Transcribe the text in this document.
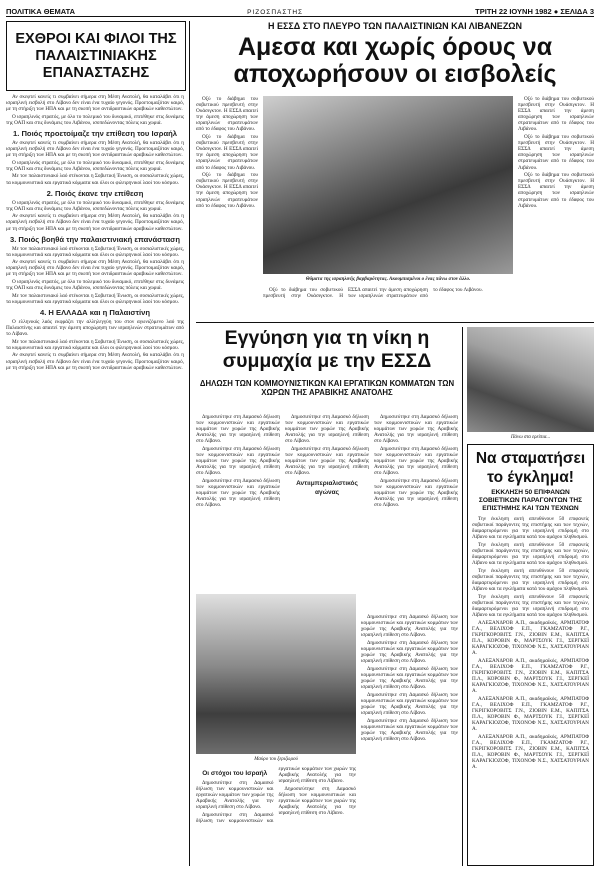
ΠΟΛΙΤΙΚΑ ΘΕΜΑΤΑ	ΡΙΖΟΣΠΑΣΤΗΣ	ΤΡΙΤΗ 22 ΙΟΥΝΗ 1982 ● ΣΕΛΙΔΑ 3
ΕΧΘΡΟΙ ΚΑΙ ΦΙΛΟΙ ΤΗΣ ΠΑΛΑΙΣΤΙΝΙΑΚΗΣ ΕΠΑΝΑΣΤΑΣΗΣ

Αν σκεφτεί κανείς τι συμβαίνει σήμερα στη Μέση Ανατολή, θα καταλάβει ότι η ισραηλινή εισβολή στο Λίβανο δεν είναι ένα τυχαίο γεγονός. Προετοιμαζόταν καιρό, με τη στήριξη των ΗΠΑ και με τη σιωπή των αντιδραστικών αραβικών καθεστώτων.

Ο ισραηλινός στρατός, με όλο το πολεμικό του δυναμικό, επιτέθηκε στις δυνάμεις της ΟΑΠ και στις δυνάμεις του Λιβάνου, ισοπεδώνοντας πόλεις και χωριά.

1. Ποιός προετοίμαζε την επίθεση του Ισραήλ

Αν σκεφτεί κανείς τι συμβαίνει σήμερα στη Μέση Ανατολή, θα καταλάβει ότι η ισραηλινή εισβολή στο Λίβανο δεν είναι ένα τυχαίο γεγονός. Προετοιμαζόταν καιρό, με τη στήριξη των ΗΠΑ και με τη σιωπή των αντιδραστικών αραβικών καθεστώτων.

Ο ισραηλινός στρατός, με όλο το πολεμικό του δυναμικό, επιτέθηκε στις δυνάμεις της ΟΑΠ και στις δυνάμεις του Λιβάνου, ισοπεδώνοντας πόλεις και χωριά.

Με τον παλαιστινιακό λαό στέκονται η Σοβιετική Ένωση, οι σοσιαλιστικές χώρες, τα κομμουνιστικά και εργατικά κόμματα και όλοι οι φιλειρηνικοί λαοί του κόσμου.

2. Ποιός έκανε την επίθεση

Ο ισραηλινός στρατός, με όλο το πολεμικό του δυναμικό, επιτέθηκε στις δυνάμεις της ΟΑΠ και στις δυνάμεις του Λιβάνου, ισοπεδώνοντας πόλεις και χωριά.

Αν σκεφτεί κανείς τι συμβαίνει σήμερα στη Μέση Ανατολή, θα καταλάβει ότι η ισραηλινή εισβολή στο Λίβανο δεν είναι ένα τυχαίο γεγονός. Προετοιμαζόταν καιρό, με τη στήριξη των ΗΠΑ και με τη σιωπή των αντιδραστικών αραβικών καθεστώτων.

3. Ποιός βοηθά την παλαιστινιακή επανάσταση

Με τον παλαιστινιακό λαό στέκονται η Σοβιετική Ένωση, οι σοσιαλιστικές χώρες, τα κομμουνιστικά και εργατικά κόμματα και όλοι οι φιλειρηνικοί λαοί του κόσμου.

Αν σκεφτεί κανείς τι συμβαίνει σήμερα στη Μέση Ανατολή, θα καταλάβει ότι η ισραηλινή εισβολή στο Λίβανο δεν είναι ένα τυχαίο γεγονός. Προετοιμαζόταν καιρό, με τη στήριξη των ΗΠΑ και με τη σιωπή των αντιδραστικών αραβικών καθεστώτων.

Ο ισραηλινός στρατός, με όλο το πολεμικό του δυναμικό, επιτέθηκε στις δυνάμεις της ΟΑΠ και στις δυνάμεις του Λιβάνου, ισοπεδώνοντας πόλεις και χωριά.

Με τον παλαιστινιακό λαό στέκονται η Σοβιετική Ένωση, οι σοσιαλιστικές χώρες, τα κομμουνιστικά και εργατικά κόμματα και όλοι οι φιλειρηνικοί λαοί του κόσμου.

4. Η ΕΛΛΑΔΑ και η Παλαιστίνη

Ο ελληνικός λαός εκφράζει την αλληλεγγύη του στον αγωνιζόμενο λαό της Παλαιστίνης και απαιτεί την άμεση αποχώρηση των ισραηλινών στρατευμάτων από το Λίβανο.

Με τον παλαιστινιακό λαό στέκονται η Σοβιετική Ένωση, οι σοσιαλιστικές χώρες, τα κομμουνιστικά και εργατικά κόμματα και όλοι οι φιλειρηνικοί λαοί του κόσμου.

Αν σκεφτεί κανείς τι συμβαίνει σήμερα στη Μέση Ανατολή, θα καταλάβει ότι η ισραηλινή εισβολή στο Λίβανο δεν είναι ένα τυχαίο γεγονός. Προετοιμαζόταν καιρό, με τη στήριξη των ΗΠΑ και με τη σιωπή των αντιδραστικών αραβικών καθεστώτων.

Η ΕΣΣΔ ΣΤΟ ΠΛΕΥΡΟ ΤΩΝ ΠΑΛΑΙΣΤΙΝΙΩΝ ΚΑΙ ΛΙΒΑΝΕΖΩΝ
Αμεσα και χωρίς όρους να αποχωρήσουν οι εισβολείς

Οξύ το διάβημα του σοβιετικού πρεσβευτή στην Ουάσιγκτον. Η ΕΣΣΔ απαιτεί την άμεση αποχώρηση των ισραηλινών στρατευμάτων από το έδαφος του Λιβάνου.

Οξύ το διάβημα του σοβιετικού πρεσβευτή στην Ουάσιγκτον. Η ΕΣΣΔ απαιτεί την άμεση αποχώρηση των ισραηλινών στρατευμάτων από το έδαφος του Λιβάνου.

Οξύ το διάβημα του σοβιετικού πρεσβευτή στην Ουάσιγκτον. Η ΕΣΣΔ απαιτεί την άμεση αποχώρηση των ισραηλινών στρατευμάτων από το έδαφος του Λιβάνου.

Θύματα της ισραηλινής βαρβαρότητας. Ακουμπισμένοι ο ένας πάνω στον άλλο.

Οξύ το διάβημα του σοβιετικού πρεσβευτή στην Ουάσιγκτον. Η ΕΣΣΔ απαιτεί την άμεση αποχώρηση των ισραηλινών στρατευμάτων από το έδαφος του Λιβάνου.

Οξύ το διάβημα του σοβιετικού πρεσβευτή στην Ουάσιγκτον. Η ΕΣΣΔ απαιτεί την άμεση αποχώρηση των ισραηλινών στρατευμάτων από το έδαφος του Λιβάνου.

Οξύ το διάβημα του σοβιετικού πρεσβευτή στην Ουάσιγκτον. Η ΕΣΣΔ απαιτεί την άμεση αποχώρηση των ισραηλινών στρατευμάτων από το έδαφος του Λιβάνου.

Οξύ το διάβημα του σοβιετικού πρεσβευτή στην Ουάσιγκτον. Η ΕΣΣΔ απαιτεί την άμεση αποχώρηση των ισραηλινών στρατευμάτων από το έδαφος του Λιβάνου.

Εγγύηση για τη νίκη η συμμαχία με την ΕΣΣΔ
ΔΗΛΩΣΗ ΤΩΝ ΚΟΜΜΟΥΝΙΣΤΙΚΩΝ ΚΑΙ ΕΡΓΑΤΙΚΩΝ ΚΟΜΜΑΤΩΝ ΤΩΝ ΧΩΡΩΝ ΤΗΣ ΑΡΑΒΙΚΗΣ ΑΝΑΤΟΛΗΣ

Δημοσιεύτηκε στη Δαμασκό δήλωση των κομμουνιστικών και εργατικών κομμάτων των χωρών της Αραβικής Ανατολής για την ισραηλινή επίθεση στο Λίβανο.

Δημοσιεύτηκε στη Δαμασκό δήλωση των κομμουνιστικών και εργατικών κομμάτων των χωρών της Αραβικής Ανατολής για την ισραηλινή επίθεση στο Λίβανο.

Δημοσιεύτηκε στη Δαμασκό δήλωση των κομμουνιστικών και εργατικών κομμάτων των χωρών της Αραβικής Ανατολής για την ισραηλινή επίθεση στο Λίβανο.

Δημοσιεύτηκε στη Δαμασκό δήλωση των κομμουνιστικών και εργατικών κομμάτων των χωρών της Αραβικής Ανατολής για την ισραηλινή επίθεση στο Λίβανο.

Δημοσιεύτηκε στη Δαμασκό δήλωση των κομμουνιστικών και εργατικών κομμάτων των χωρών της Αραβικής Ανατολής για την ισραηλινή επίθεση στο Λίβανο.

Αντιιμπεριαλιστικός αγώνας

Δημοσιεύτηκε στη Δαμασκό δήλωση των κομμουνιστικών και εργατικών κομμάτων των χωρών της Αραβικής Ανατολής για την ισραηλινή επίθεση στο Λίβανο.

Δημοσιεύτηκε στη Δαμασκό δήλωση των κομμουνιστικών και εργατικών κομμάτων των χωρών της Αραβικής Ανατολής για την ισραηλινή επίθεση στο Λίβανο.

Δημοσιεύτηκε στη Δαμασκό δήλωση των κομμουνιστικών και εργατικών κομμάτων των χωρών της Αραβικής Ανατολής για την ισραηλινή επίθεση στο Λίβανο.

Μαύρο του ξεριζωμού

Δημοσιεύτηκε στη Δαμασκό δήλωση των κομμουνιστικών και εργατικών κομμάτων των χωρών της Αραβικής Ανατολής για την ισραηλινή επίθεση στο Λίβανο.

Δημοσιεύτηκε στη Δαμασκό δήλωση των κομμουνιστικών και εργατικών κομμάτων των χωρών της Αραβικής Ανατολής για την ισραηλινή επίθεση στο Λίβανο.

Δημοσιεύτηκε στη Δαμασκό δήλωση των κομμουνιστικών και εργατικών κομμάτων των χωρών της Αραβικής Ανατολής για την ισραηλινή επίθεση στο Λίβανο.

Δημοσιεύτηκε στη Δαμασκό δήλωση των κομμουνιστικών και εργατικών κομμάτων των χωρών της Αραβικής Ανατολής για την ισραηλινή επίθεση στο Λίβανο.

Δημοσιεύτηκε στη Δαμασκό δήλωση των κομμουνιστικών και εργατικών κομμάτων των χωρών της Αραβικής Ανατολής για την ισραηλινή επίθεση στο Λίβανο.

Οι στόχοι του Ισραήλ

Δημοσιεύτηκε στη Δαμασκό δήλωση των κομμουνιστικών και εργατικών κομμάτων των χωρών της Αραβικής Ανατολής για την ισραηλινή επίθεση στο Λίβανο.

Δημοσιεύτηκε στη Δαμασκό δήλωση των κομμουνιστικών και εργατικών κομμάτων των χωρών της Αραβικής Ανατολής για την ισραηλινή επίθεση στο Λίβανο.

Δημοσιεύτηκε στη Δαμασκό δήλωση των κομμουνιστικών και εργατικών κομμάτων των χωρών της Αραβικής Ανατολής για την ισραηλινή επίθεση στο Λίβανο.

Πάνω στα ερείπια...
Να σταματήσει το έγκλημα!
ΕΚΚΛΗΣΗ 50 ΕΠΙΦΑΝΩΝ ΣΟΒΙΕΤΙΚΩΝ ΠΑΡΑΓΟΝΤΩΝ ΤΗΣ ΕΠΙΣΤΗΜΗΣ ΚΑΙ ΤΩΝ ΤΕΧΝΩΝ

Την έκκληση αυτή απευθύνουν 50 επιφανείς σοβιετικοί παράγοντες της επιστήμης και των τεχνών, διαμαρτυρόμενοι για την ισραηλινή επιδρομή στο Λίβανο και τα εγκλήματα κατά του αμάχου πληθυσμού.

Την έκκληση αυτή απευθύνουν 50 επιφανείς σοβιετικοί παράγοντες της επιστήμης και των τεχνών, διαμαρτυρόμενοι για την ισραηλινή επιδρομή στο Λίβανο και τα εγκλήματα κατά του αμάχου πληθυσμού.

Την έκκληση αυτή απευθύνουν 50 επιφανείς σοβιετικοί παράγοντες της επιστήμης και των τεχνών, διαμαρτυρόμενοι για την ισραηλινή επιδρομή στο Λίβανο και τα εγκλήματα κατά του αμάχου πληθυσμού.

Την έκκληση αυτή απευθύνουν 50 επιφανείς σοβιετικοί παράγοντες της επιστήμης και των τεχνών, διαμαρτυρόμενοι για την ισραηλινή επιδρομή στο Λίβανο και τα εγκλήματα κατά του αμάχου πληθυσμού.

ΑΛΕΞΑΝΔΡΟΒ Α.Π., ακαδημαϊκός, ΑΡΜΠΑΤΟΦ Γ.Α., ΒΕΛΙΧΟΦ Ε.Π., ΓΚΑΜΖΑΤΟΦ Ρ.Γ., ΓΚΡΙΓΚΟΡΟΒΙΤΣ Γ.Ν., ΖΙΟΒΙΝ Ε.Μ., ΚΑΠΙΤΣΑ Π.Λ., ΚΟΡΟΒΙΝ Φ., ΜΑΡΤΣΟΥΚ Γ.Ι., ΣΕΡΓΚΕΪ ΚΑΡΑΓΚΙΟΖΟΦ, ΤΙΧΟΝΟΦ Ν.Σ., ΧΑΤΣΑΤΟΥΡΙΑΝ Α.

ΑΛΕΞΑΝΔΡΟΒ Α.Π., ακαδημαϊκός, ΑΡΜΠΑΤΟΦ Γ.Α., ΒΕΛΙΧΟΦ Ε.Π., ΓΚΑΜΖΑΤΟΦ Ρ.Γ., ΓΚΡΙΓΚΟΡΟΒΙΤΣ Γ.Ν., ΖΙΟΒΙΝ Ε.Μ., ΚΑΠΙΤΣΑ Π.Λ., ΚΟΡΟΒΙΝ Φ., ΜΑΡΤΣΟΥΚ Γ.Ι., ΣΕΡΓΚΕΪ ΚΑΡΑΓΚΙΟΖΟΦ, ΤΙΧΟΝΟΦ Ν.Σ., ΧΑΤΣΑΤΟΥΡΙΑΝ Α.

ΑΛΕΞΑΝΔΡΟΒ Α.Π., ακαδημαϊκός, ΑΡΜΠΑΤΟΦ Γ.Α., ΒΕΛΙΧΟΦ Ε.Π., ΓΚΑΜΖΑΤΟΦ Ρ.Γ., ΓΚΡΙΓΚΟΡΟΒΙΤΣ Γ.Ν., ΖΙΟΒΙΝ Ε.Μ., ΚΑΠΙΤΣΑ Π.Λ., ΚΟΡΟΒΙΝ Φ., ΜΑΡΤΣΟΥΚ Γ.Ι., ΣΕΡΓΚΕΪ ΚΑΡΑΓΚΙΟΖΟΦ, ΤΙΧΟΝΟΦ Ν.Σ., ΧΑΤΣΑΤΟΥΡΙΑΝ Α.

ΑΛΕΞΑΝΔΡΟΒ Α.Π., ακαδημαϊκός, ΑΡΜΠΑΤΟΦ Γ.Α., ΒΕΛΙΧΟΦ Ε.Π., ΓΚΑΜΖΑΤΟΦ Ρ.Γ., ΓΚΡΙΓΚΟΡΟΒΙΤΣ Γ.Ν., ΖΙΟΒΙΝ Ε.Μ., ΚΑΠΙΤΣΑ Π.Λ., ΚΟΡΟΒΙΝ Φ., ΜΑΡΤΣΟΥΚ Γ.Ι., ΣΕΡΓΚΕΪ ΚΑΡΑΓΚΙΟΖΟΦ, ΤΙΧΟΝΟΦ Ν.Σ., ΧΑΤΣΑΤΟΥΡΙΑΝ Α.
